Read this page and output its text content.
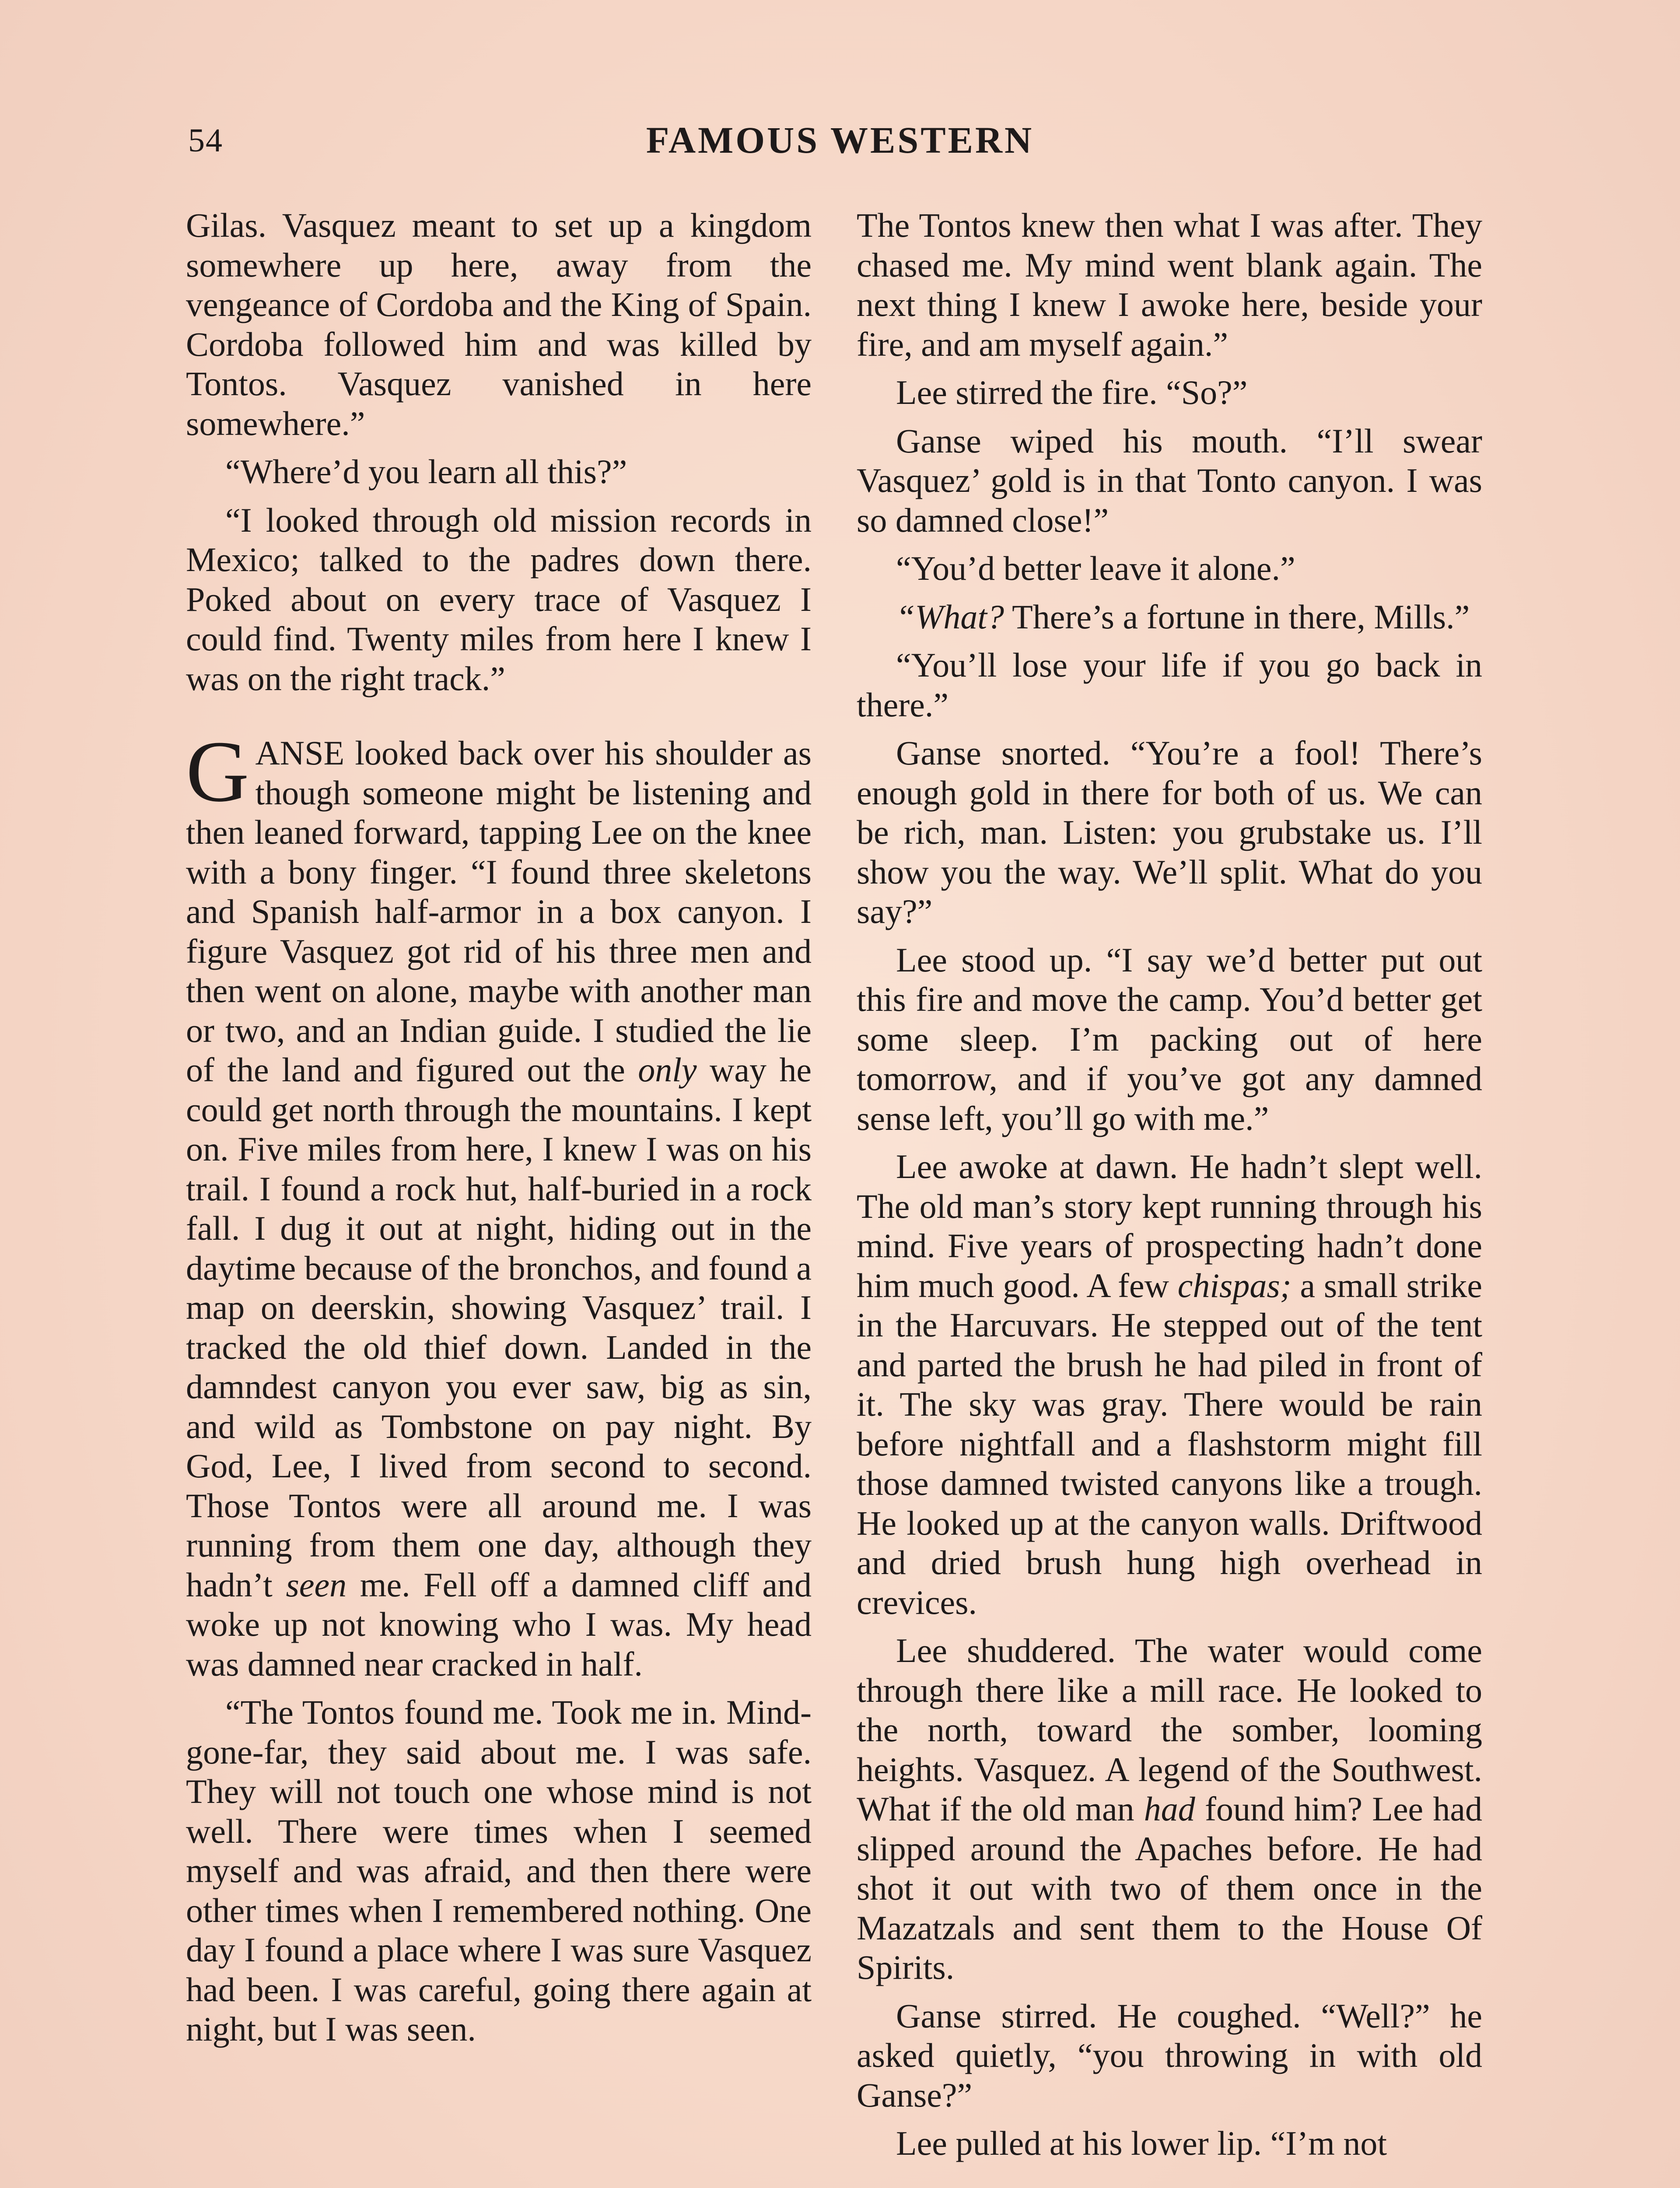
54	FAMOUS WESTERN

Gilas. Vasquez meant to set up a kingdom somewhere up here, away from the vengeance of Cordoba and the King of Spain. Cordoba followed him and was killed by Tontos. Vasquez vanished in here somewhere.”

“Where’d you learn all this?”

“I looked through old mission records in Mexico; talked to the padres down there. Poked about on every trace of Vasquez I could find. Twenty miles from here I knew I was on the right track.”

GANSE looked back over his shoulder as though someone might be listening and then leaned forward, tapping Lee on the knee with a bony finger. “I found three skeletons and Spanish half-armor in a box canyon. I figure Vasquez got rid of his three men and then went on alone, maybe with another man or two, and an Indian guide. I studied the lie of the land and figured out the only way he could get north through the mountains. I kept on. Five miles from here, I knew I was on his trail. I found a rock hut, half-buried in a rock fall. I dug it out at night, hiding out in the daytime because of the bronchos, and found a map on deerskin, showing Vasquez’ trail. I tracked the old thief down. Landed in the damndest canyon you ever saw, big as sin, and wild as Tombstone on pay night. By God, Lee, I lived from second to second. Those Tontos were all around me. I was running from them one day, although they hadn’t seen me. Fell off a damned cliff and woke up not knowing who I was. My head was damned near cracked in half.

“The Tontos found me. Took me in. Mind-gone-far, they said about me. I was safe. They will not touch one whose mind is not well. There were times when I seemed myself and was afraid, and then there were other times when I remembered nothing. One day I found a place where I was sure Vasquez had been. I was careful, going there again at night, but I was seen.

The Tontos knew then what I was after. They chased me. My mind went blank again. The next thing I knew I awoke here, beside your fire, and am myself again.”

Lee stirred the fire. “So?”

Ganse wiped his mouth. “I’ll swear Vasquez’ gold is in that Tonto canyon. I was so damned close!”

“You’d better leave it alone.”

“What? There’s a fortune in there, Mills.”

“You’ll lose your life if you go back in there.”

Ganse snorted. “You’re a fool! There’s enough gold in there for both of us. We can be rich, man. Listen: you grubstake us. I’ll show you the way. We’ll split. What do you say?”

Lee stood up. “I say we’d better put out this fire and move the camp. You’d better get some sleep. I’m packing out of here tomorrow, and if you’ve got any damned sense left, you’ll go with me.”

Lee awoke at dawn. He hadn’t slept well. The old man’s story kept running through his mind. Five years of prospecting hadn’t done him much good. A few chispas; a small strike in the Harcuvars. He stepped out of the tent and parted the brush he had piled in front of it. The sky was gray. There would be rain before nightfall and a flashstorm might fill those damned twisted canyons like a trough. He looked up at the canyon walls. Driftwood and dried brush hung high overhead in crevices.

Lee shuddered. The water would come through there like a mill race. He looked to the north, toward the somber, looming heights. Vasquez. A legend of the Southwest. What if the old man had found him? Lee had slipped around the Apaches before. He had shot it out with two of them once in the Mazatzals and sent them to the House Of Spirits.

Ganse stirred. He coughed. “Well?” he asked quietly, “you throwing in with old Ganse?”

Lee pulled at his lower lip. “I’m not
